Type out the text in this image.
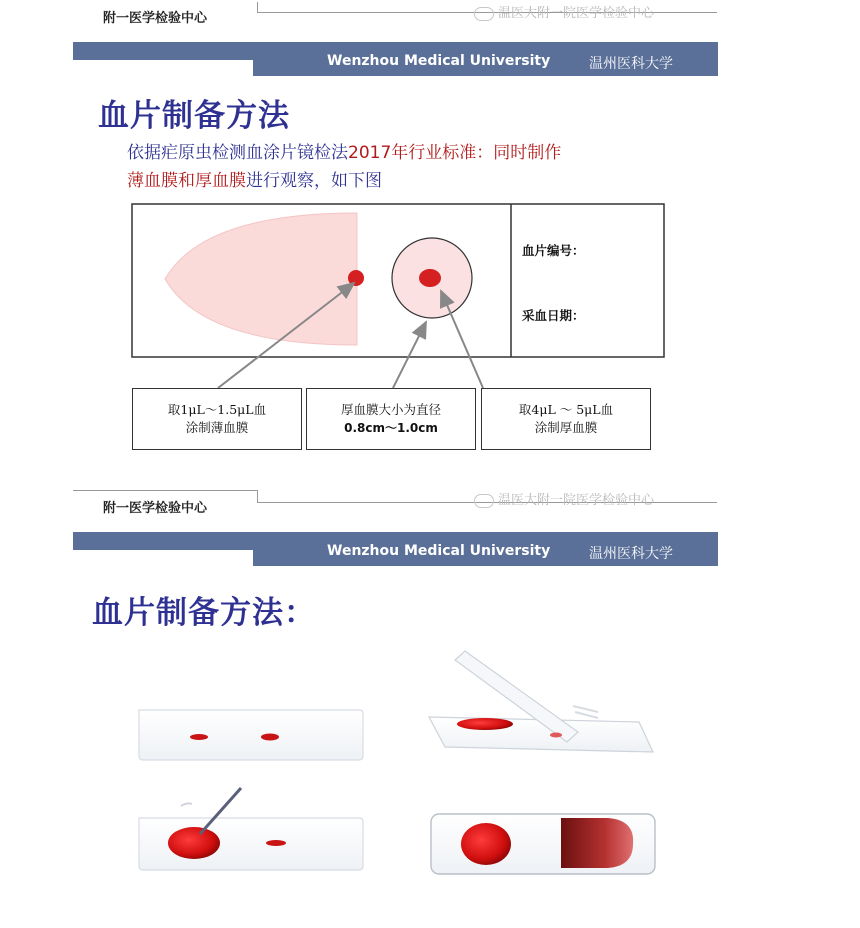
附一医学检验中心	温医大附一院医学检验中心
Wenzhou Medical University	温州医科大学
血片制备方法
依据疟原虫检测血涂片镜检法2017年行业标准：同时制作
薄血膜和厚血膜进行观察，如下图
血片编号：
采血日期：
取1μL～1.5μL血
涂制薄血膜
厚血膜大小为直径
0.8cm～1.0cm
取4μL ～ 5μL血
涂制厚血膜
附一医学检验中心
温医大附一院医学检验中心
Wenzhou Medical University	温州医科大学
血片制备方法：
